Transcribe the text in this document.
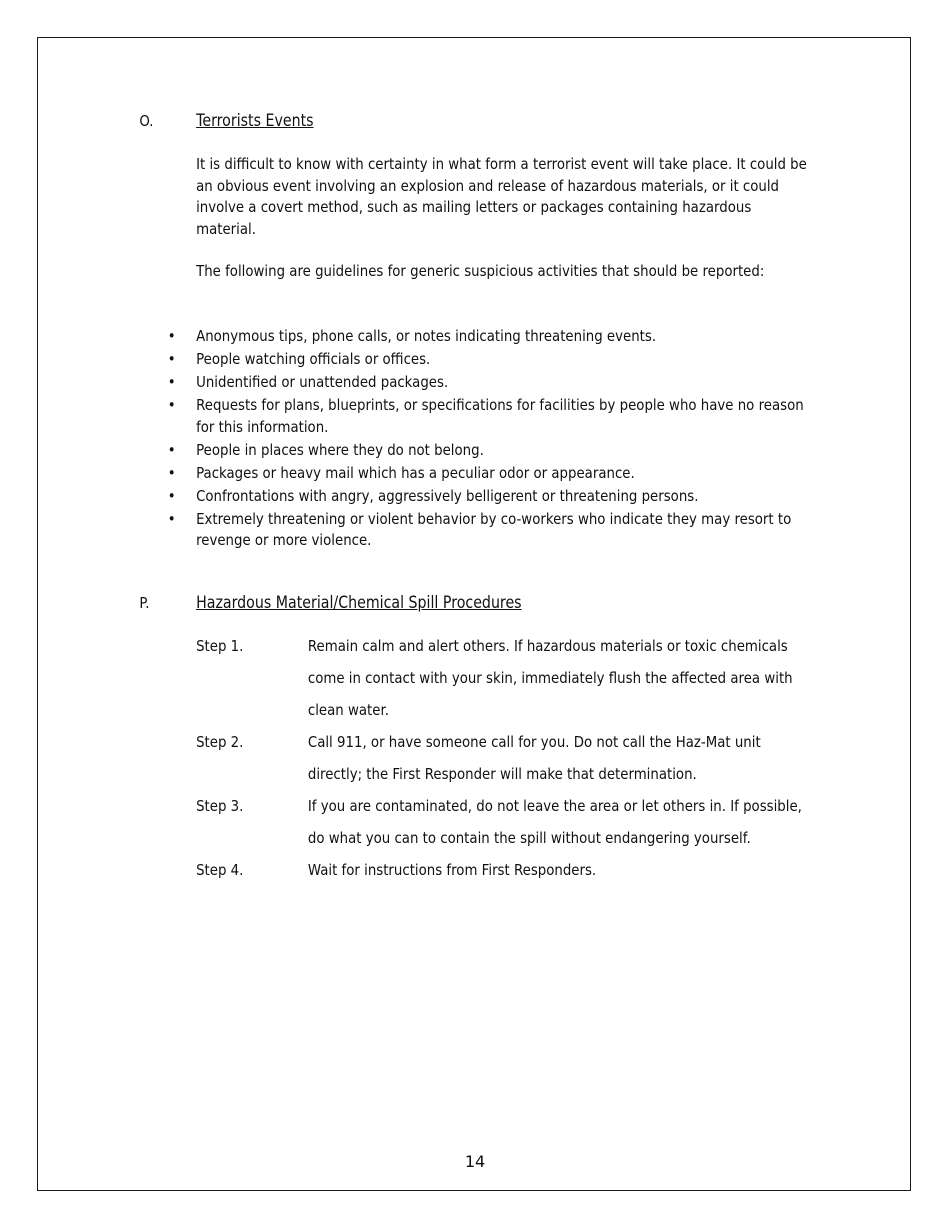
O.	Terrorists Events

It is difficult to know with certainty in what form a terrorist event will take place. It could be an obvious event involving an explosion and release of hazardous materials, or it could involve a covert method, such as mailing letters or packages containing hazardous material.

The following are guidelines for generic suspicious activities that should be reported:

• Anonymous tips, phone calls, or notes indicating threatening events.
• People watching officials or offices.
• Unidentified or unattended packages.
• Requests for plans, blueprints, or specifications for facilities by people who have no reason for this information.
• People in places where they do not belong.
• Packages or heavy mail which has a peculiar odor or appearance.
• Confrontations with angry, aggressively belligerent or threatening persons.
• Extremely threatening or violent behavior by co-workers who indicate they may resort to revenge or more violence.

P.	Hazardous Material/Chemical Spill Procedures
Step 1.	Remain calm and alert others. If hazardous materials or toxic chemicals come in contact with your skin, immediately flush the affected area with clean water.
Step 2.	Call 911, or have someone call for you. Do not call the Haz-Mat unit directly; the First Responder will make that determination.
Step 3.	If you are contaminated, do not leave the area or let others in. If possible, do what you can to contain the spill without endangering yourself.
Step 4.	Wait for instructions from First Responders.

14
